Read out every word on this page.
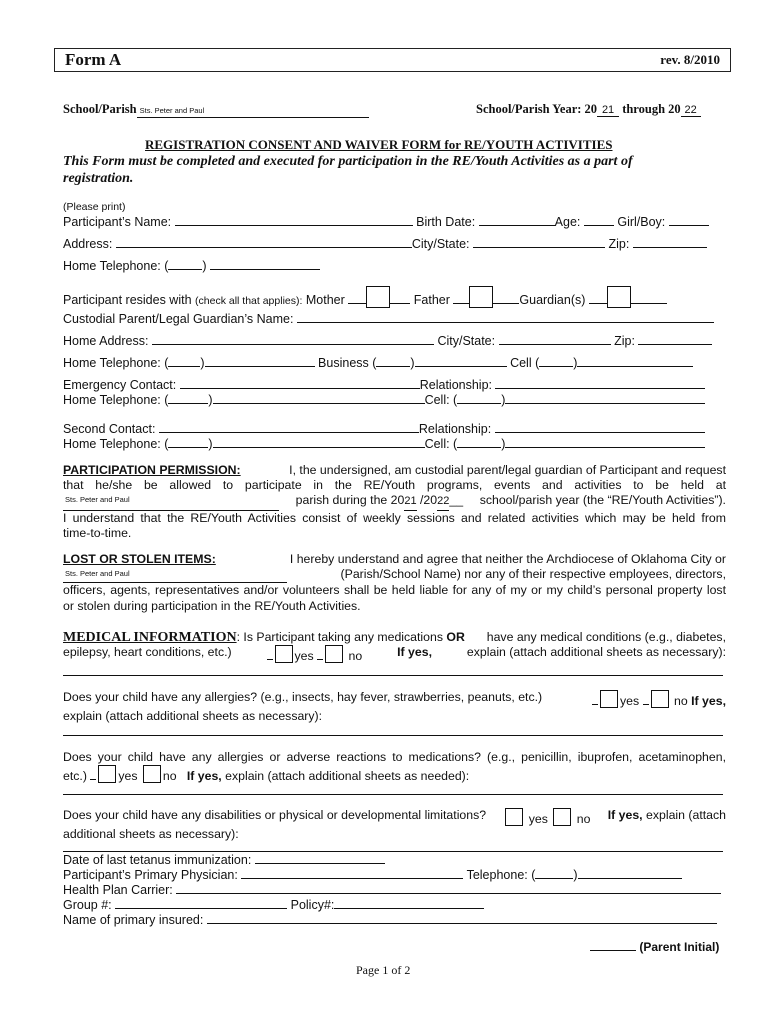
Form A	rev. 8/2010
School/Parish Sts. Peter and Paul	School/Parish Year: 20 21 through 20 22
REGISTRATION CONSENT AND WAIVER FORM for RE/YOUTH ACTIVITIES
This Form must be completed and executed for participation in the RE/Youth Activities as a part of
registration.
(Please print)
Participant’s Name:	Birth Date:	Age:	Girl/Boy:
Address:	City/State:	Zip:
Home Telephone: (	)
Participant resides with (check all that applies): Mother	Father	Guardian(s)
Custodial Parent/Legal Guardian’s Name:
Home Address:	City/State:	Zip:
Home Telephone: (	)	Business (	)	Cell (	)
Emergency Contact:	Relationship:
Home Telephone: (	)	Cell: (	)
Second Contact:	Relationship:
Home Telephone: (	)	Cell: (	)
PARTICIPATION PERMISSION:	I, the undersigned, am custodial parent/legal guardian of Participant and request
that he/she be allowed to participate in the RE/Youth programs, events and activities to be held at
Sts. Peter and Paul
	parish during the 2021 /2022__ school/parish year (the “RE/Youth Activities”).
I understand that the RE/Youth Activities consist of weekly sessions and related activities which may be held from
time-to-time.
LOST OR STOLEN ITEMS:	I hereby understand and agree that neither the Archdiocese of Oklahoma City or
Sts. Peter and Paul
	(Parish/School Name) nor any of their respective employees, directors,
officers, agents, representatives and/or volunteers shall be held liable for any of my or my child’s personal property lost
or stolen during participation in the RE/Youth Activities.
MEDICAL INFORMATION: Is Participant taking any medications OR have any medical conditions (e.g., diabetes,
epilepsy, heart conditions, etc.)	yes	no	If yes,	explain (attach additional sheets as necessary):
Does your child have any allergies? (e.g., insects, hay fever, strawberries, peanuts, etc.)	yes	no If yes,
explain (attach additional sheets as necessary):
Does your child have any allergies or adverse reactions to medications? (e.g., penicillin, ibuprofen, acetaminophen,
etc.)	yes no If yes, explain (attach additional sheets as needed):
Does your child have any disabilities or physical or developmental limitations?	yes no If yes, explain (attach
additional sheets as necessary):
Date of last tetanus immunization:
Participant’s Primary Physician:	Telephone: (	)
Health Plan Carrier:
Group #:	Policy#:
Name of primary insured:
(Parent Initial)
Page 1 of 2
